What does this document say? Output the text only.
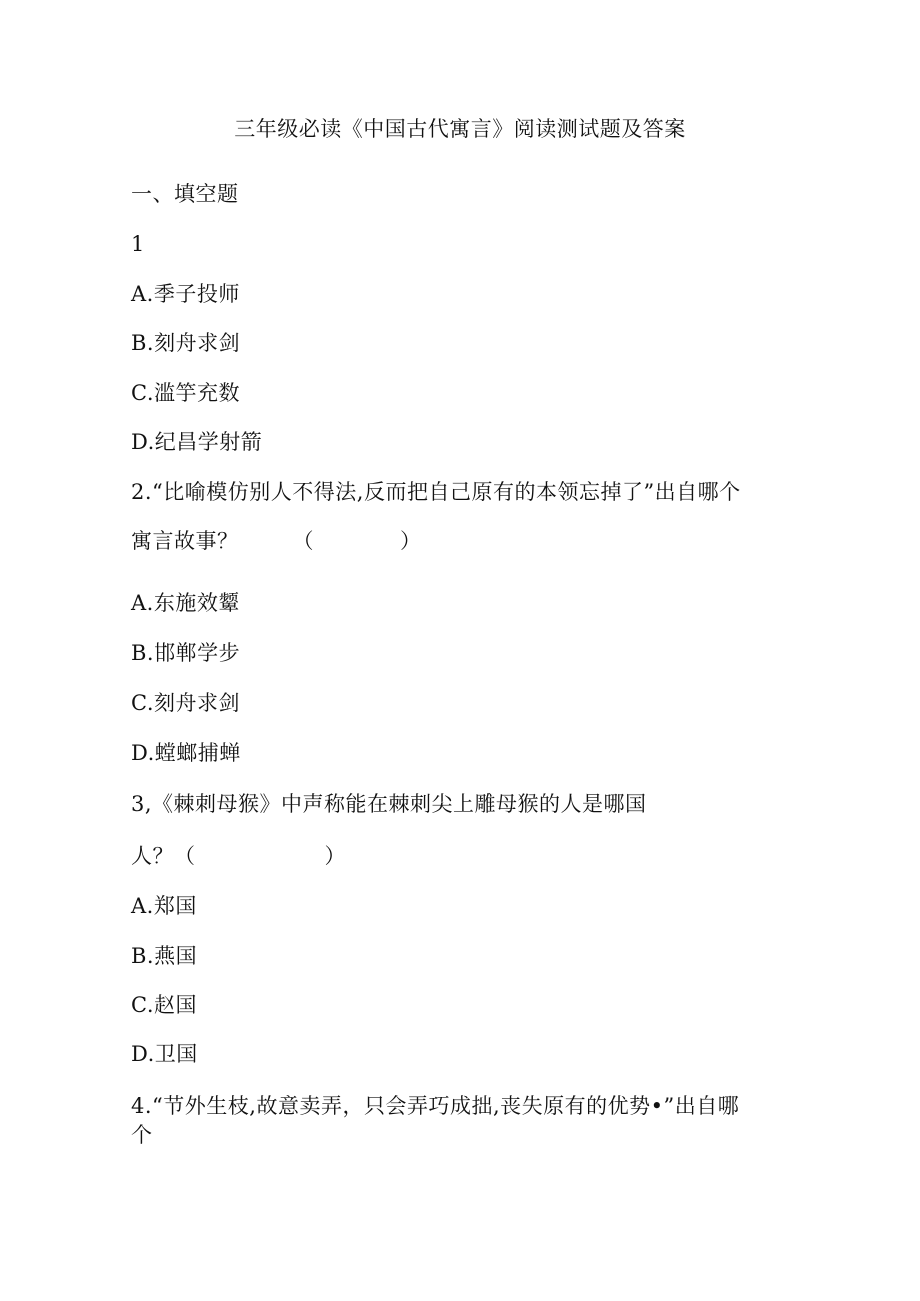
三年级必读《中国古代寓言》阅读测试题及答案
一、填空题
1
A.季子投师
B.刻舟求剑
C.滥竽充数
D.纪昌学射箭
2.“比喻模仿别人不得法,反而把自己原有的本领忘掉了”出自哪个
寓言故事？　　　（　　　　）
A.东施效颦
B.邯郸学步
C.刻舟求剑
D.螳螂捕蝉
3,《棘刺母猴》中声称能在棘刺尖上雕母猴的人是哪国
人？（　　　　　　）
A.郑国
B.燕国
C.赵国
D.卫国
4.“节外生枝,故意卖弄，只会弄巧成拙,丧失原有的优势•”出自哪
个
